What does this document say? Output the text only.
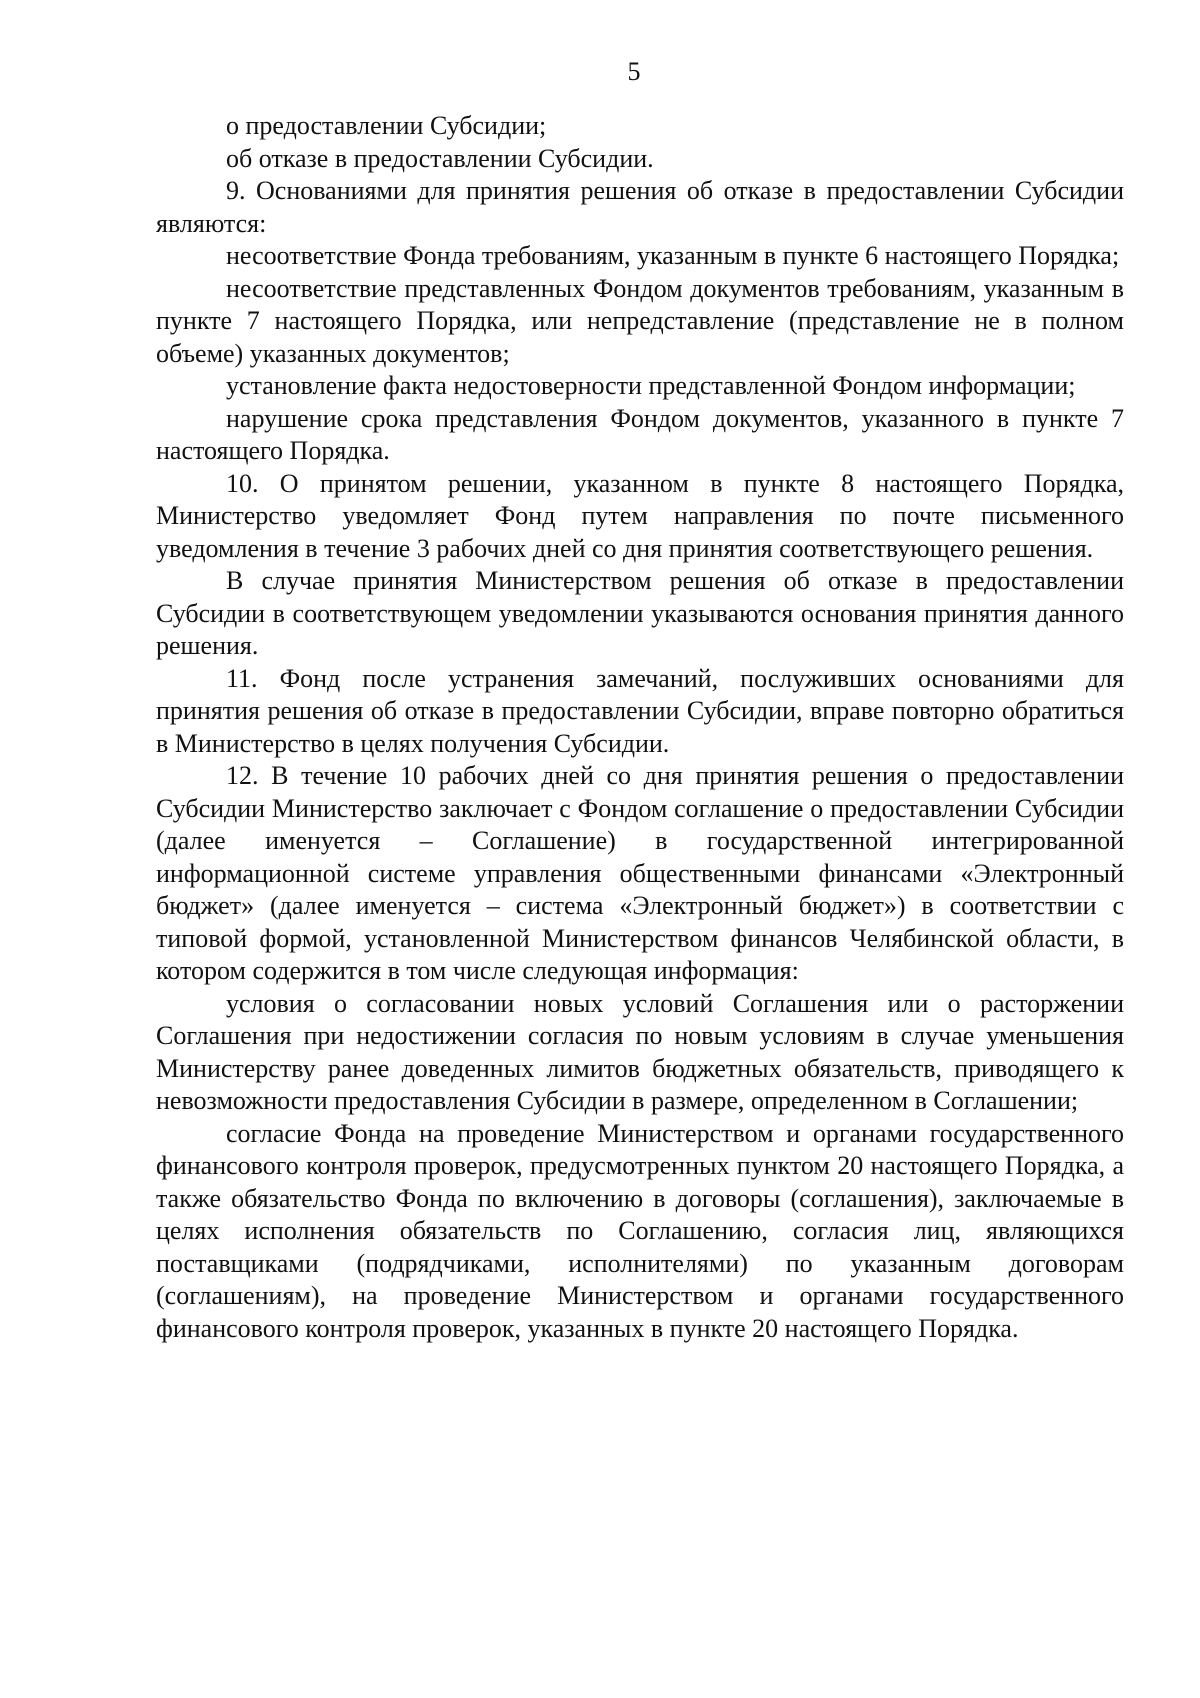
5

о предоставлении Субсидии;

об отказе в предоставлении Субсидии.

9. Основаниями для принятия решения об отказе в предоставлении Субсидии являются:

несоответствие Фонда требованиям, указанным в пункте 6 настоящего Порядка;

несоответствие представленных Фондом документов требованиям, указанным в пункте 7 настоящего Порядка, или непредставление (представление не в полном объеме) указанных документов;

установление факта недостоверности представленной Фондом информации;

нарушение срока представления Фондом документов, указанного в пункте 7 настоящего Порядка.

10. О принятом решении, указанном в пункте 8 настоящего Порядка, Министерство уведомляет Фонд путем направления по почте письменного уведомления в течение 3 рабочих дней со дня принятия соответствующего решения.

В случае принятия Министерством решения об отказе в предоставлении Субсидии в соответствующем уведомлении указываются основания принятия данного решения.

11. Фонд после устранения замечаний, послуживших основаниями для принятия решения об отказе в предоставлении Субсидии, вправе повторно обратиться в Министерство в целях получения Субсидии.

12. В течение 10 рабочих дней со дня принятия решения о предоставлении Субсидии Министерство заключает с Фондом соглашение о предоставлении Субсидии (далее именуется – Соглашение) в государственной интегрированной информационной системе управления общественными финансами «Электронный бюджет» (далее именуется – система «Электронный бюджет») в соответствии с типовой формой, установленной Министерством финансов Челябинской области, в котором содержится в том числе следующая информация:

условия о согласовании новых условий Соглашения или о расторжении Соглашения при недостижении согласия по новым условиям в случае уменьшения Министерству ранее доведенных лимитов бюджетных обязательств, приводящего к невозможности предоставления Субсидии в размере, определенном в Соглашении;

согласие Фонда на проведение Министерством и органами государственного финансового контроля проверок, предусмотренных пунктом 20 настоящего Порядка, а также обязательство Фонда по включению в договоры (соглашения), заключаемые в целях исполнения обязательств по Соглашению, согласия лиц, являющихся поставщиками (подрядчиками, исполнителями) по указанным договорам (соглашениям), на проведение Министерством и органами государственного финансового контроля проверок, указанных в пункте 20 настоящего Порядка.
